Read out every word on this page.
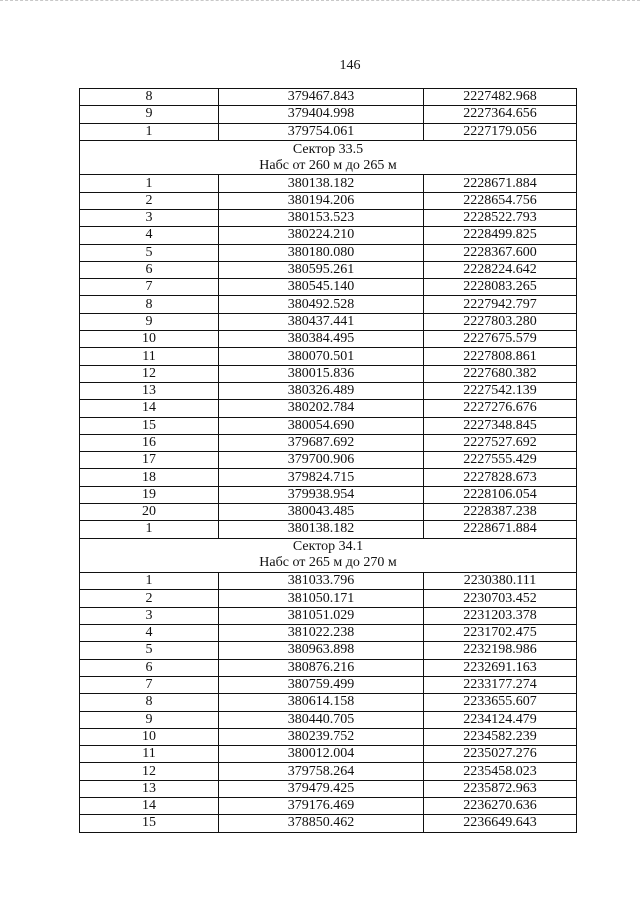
146
8	379467.843	2227482.968
9	379404.998	2227364.656
1	379754.061	2227179.056

Сектор 33.5
Набс от 260 м до 265 м		

1	380138.182	2228671.884
2	380194.206	2228654.756
3	380153.523	2228522.793
4	380224.210	2228499.825
5	380180.080	2228367.600
6	380595.261	2228224.642
7	380545.140	2228083.265
8	380492.528	2227942.797
9	380437.441	2227803.280
10	380384.495	2227675.579
11	380070.501	2227808.861
12	380015.836	2227680.382
13	380326.489	2227542.139
14	380202.784	2227276.676
15	380054.690	2227348.845
16	379687.692	2227527.692
17	379700.906	2227555.429
18	379824.715	2227828.673
19	379938.954	2228106.054
20	380043.485	2228387.238
1	380138.182	2228671.884

Сектор 34.1
Набс от 265 м до 270 м		

1	381033.796	2230380.111
2	381050.171	2230703.452
3	381051.029	2231203.378
4	381022.238	2231702.475
5	380963.898	2232198.986
6	380876.216	2232691.163
7	380759.499	2233177.274
8	380614.158	2233655.607
9	380440.705	2234124.479
10	380239.752	2234582.239
11	380012.004	2235027.276
12	379758.264	2235458.023
13	379479.425	2235872.963
14	379176.469	2236270.636
15	378850.462	2236649.643
